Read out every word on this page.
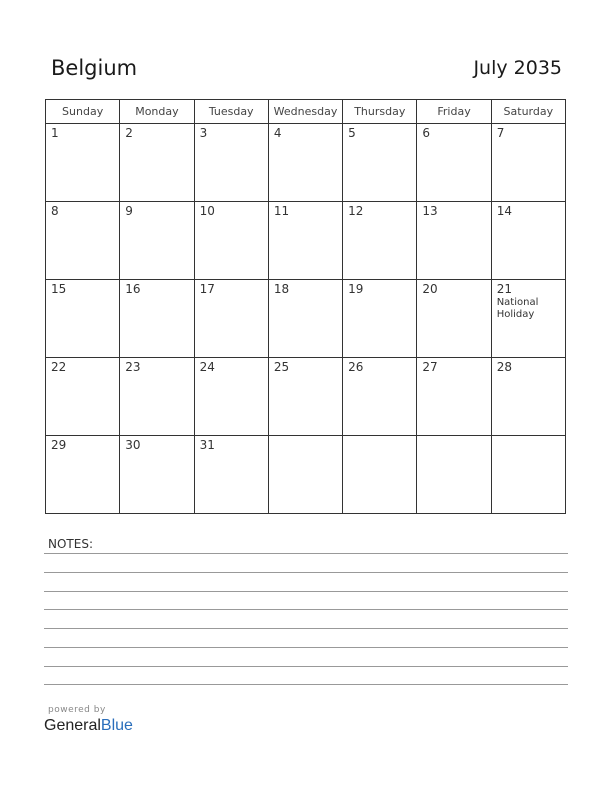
Belgium	July 2035
Sunday	Monday	Tuesday	Wednesday	Thursday	Friday	Saturday

1	2	3	4	5	6	7

8	9	10	11	12	13	14

15	16	17	18	19	20	21
National Holiday

22	23	24	25	26	27	28

29	30	31				

NOTES:
powered by
GeneralBlue
